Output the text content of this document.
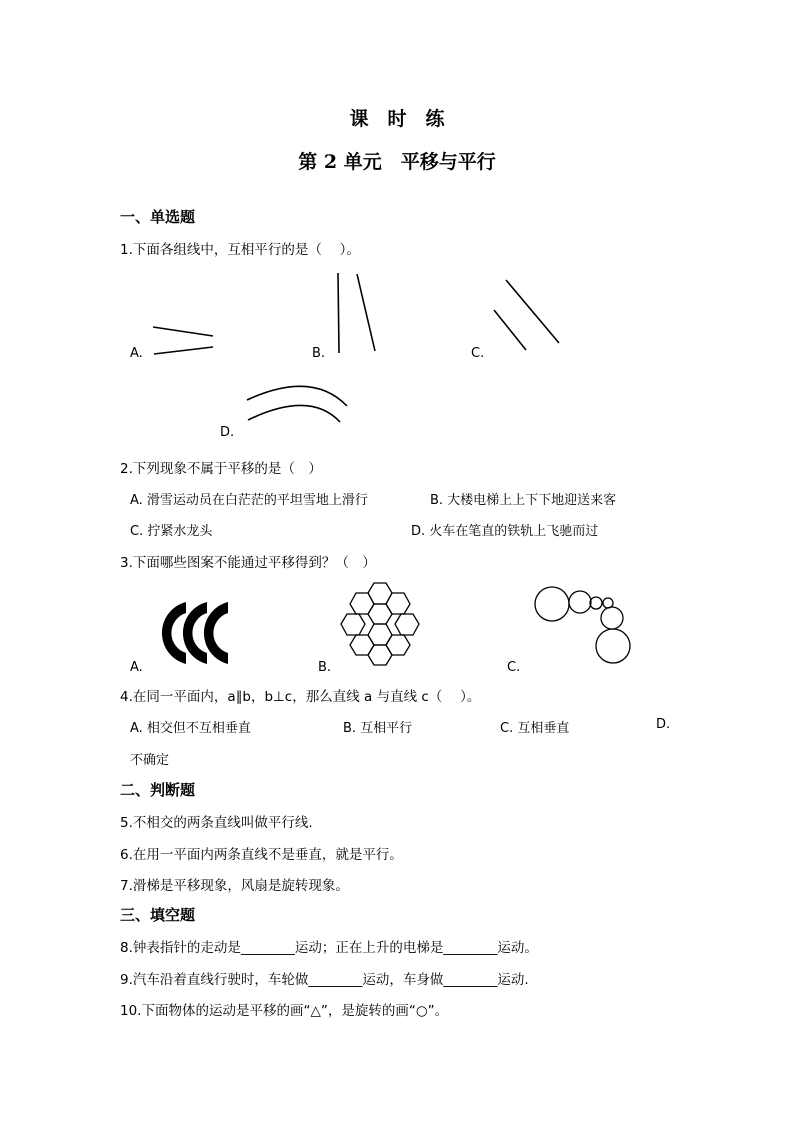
课　时　练
第 2 单元　平移与平行
一、单选题
1.下面各组线中，互相平行的是（　 ）。
A.	B.	C.
D.
2.下列现象不属于平移的是（　）
A. 滑雪运动员在白茫茫的平坦雪地上滑行	B. 大楼电梯上上下下地迎送来客
C. 拧紧水龙头	D. 火车在笔直的铁轨上飞驰而过
3.下面哪些图案不能通过平移得到？（　）
A.	B.	C.
4.在同一平面内，a∥b，b⊥c，那么直线 a 与直线 c（　 ）。
A. 相交但不互相垂直	B. 互相平行	C. 互相垂直	D.
不确定
二、判断题
5.不相交的两条直线叫做平行线.
6.在用一平面内两条直线不是垂直，就是平行。
7.滑梯是平移现象，风扇是旋转现象。
三、填空题
8.钟表指针的走动是________运动；正在上升的电梯是________运动。
9.汽车沿着直线行驶时，车轮做________运动，车身做________运动.
10.下面物体的运动是平移的画“△”，是旋转的画“○”。
